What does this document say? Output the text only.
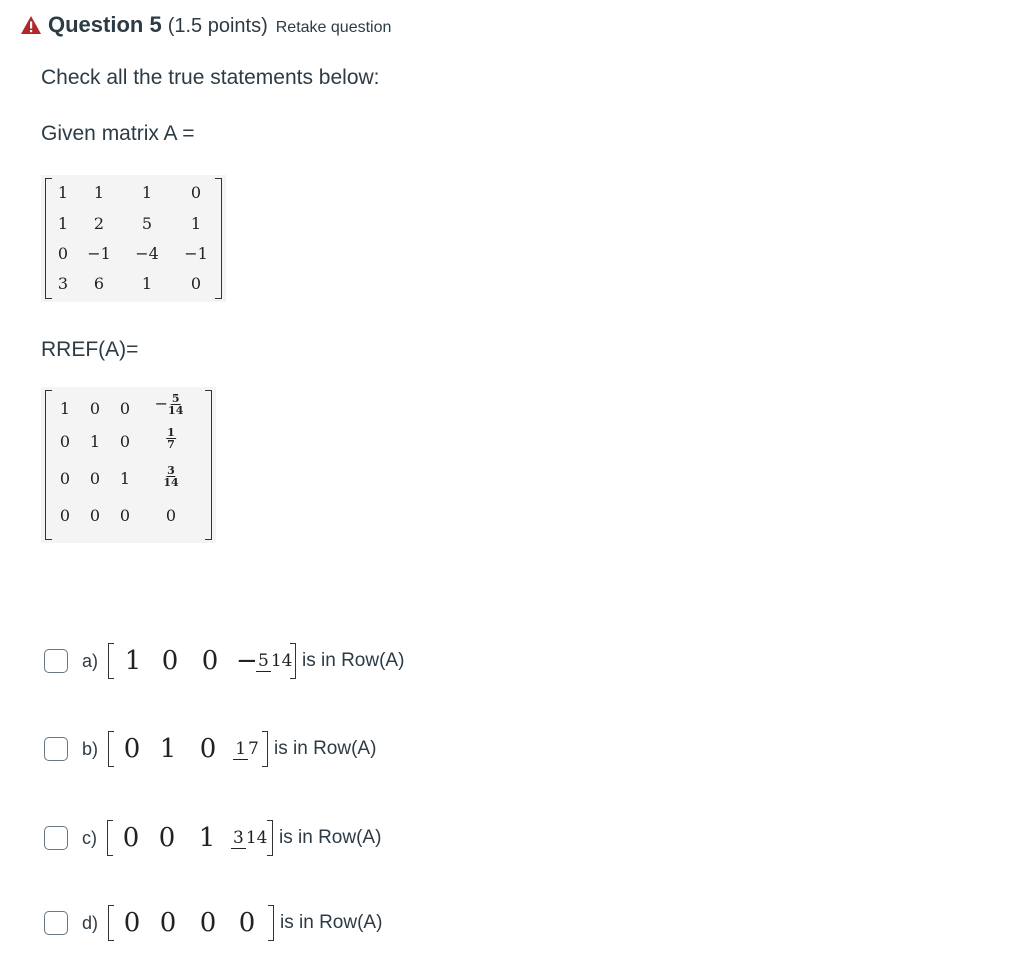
Question 5 (1.5 points) Retake question
Check all the true statements below:
Given matrix A =
1 1 1 0
1 2 5 1
0 −1 −4 −1
3 6 1 0
RREF(A)=
1 0 $0 - \frac{5}{14}$
0 1 0	$\frac{1}{7}$
0 0 1	$\frac{3}{14}$
0 0 0 0
a)	1 0 0 − 5 14 is in Row(A)
b) 0 1 0	1 7 is in Row(A)
c) 0 0 1	3 14 is in Row(A)
d) 0 0 0 0	is in Row(A)
